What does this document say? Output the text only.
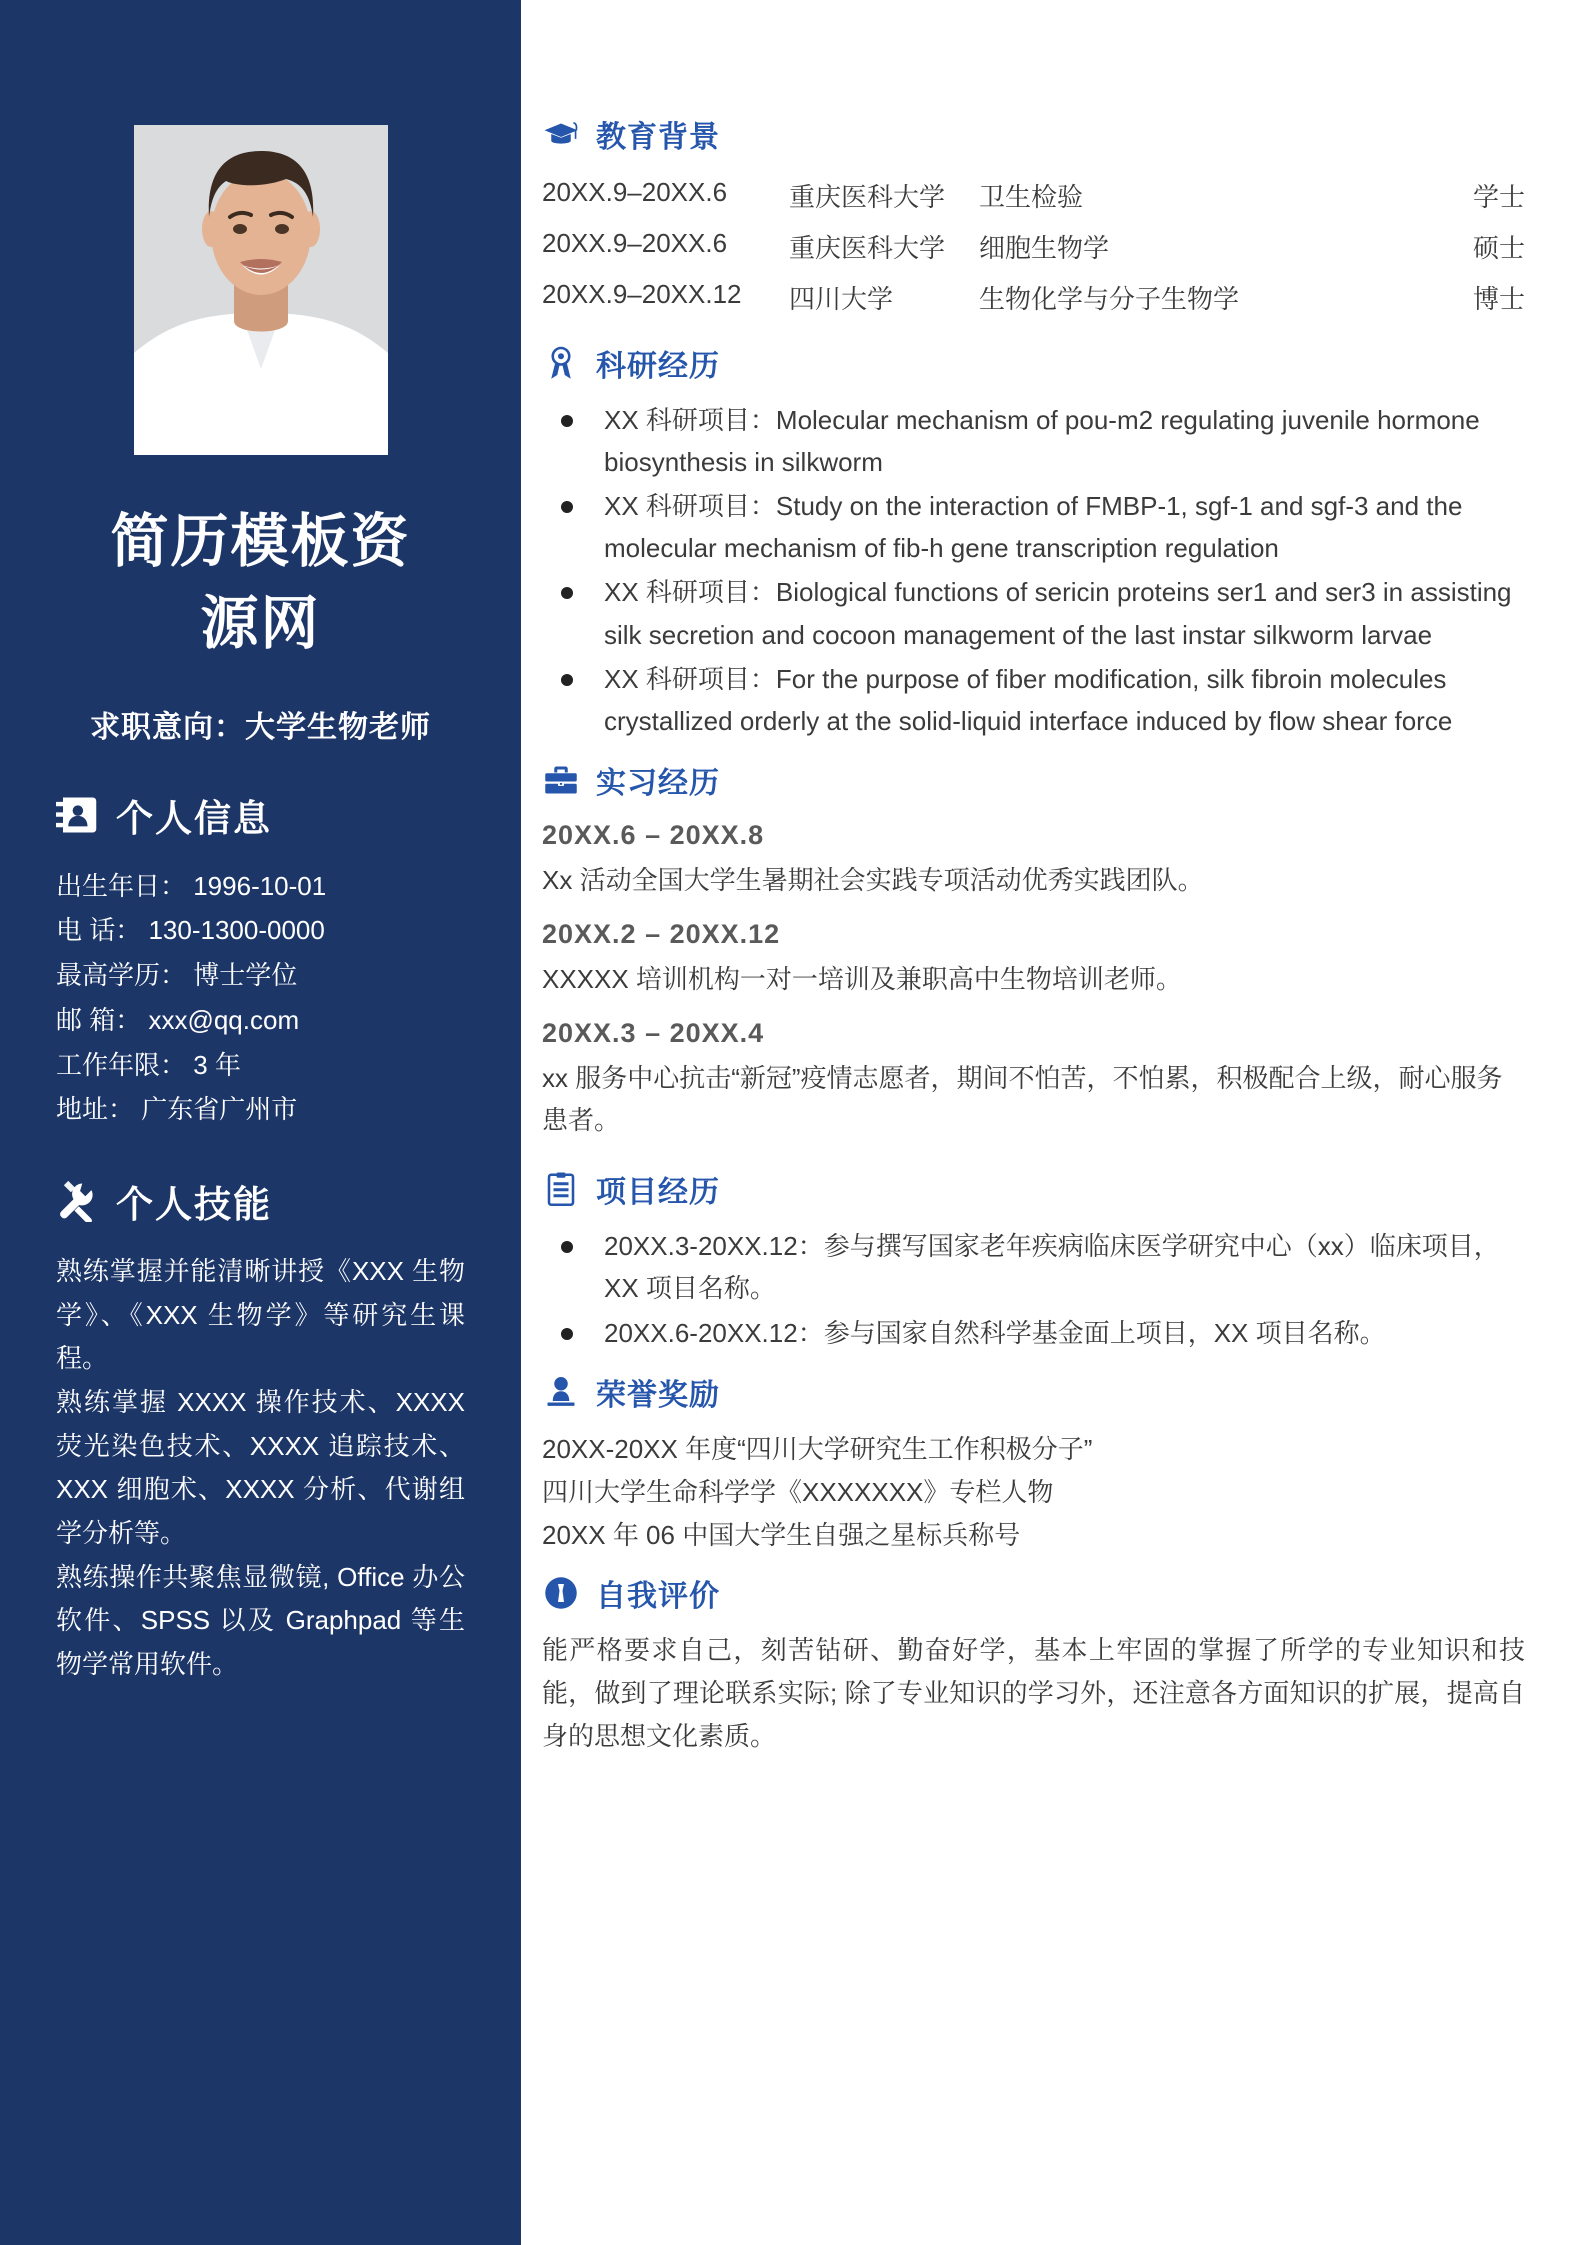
简历模板资
源网
求职意向：大学生物老师
个人信息
出生年日： 1996-10-01
电 话： 130-1300-0000
最高学历： 博士学位
邮 箱： xxx@qq.com
工作年限： 3 年
地址： 广东省广州市
个人技能

熟练掌握并能清晰讲授《XXX 生物学》、《XXX 生物学》等研究生课程。

熟练掌握 XXXX 操作技术、XXXX 荧光染色技术、XXXX 追踪技术、XXX 细胞术、XXXX 分析、代谢组学分析等。

熟练操作共聚焦显微镜, Office 办公软件、SPSS 以及 Graphpad 等生物学常用软件。

教育背景
20XX.9–20XX.6	重庆医科大学	卫生检验	学士
20XX.9–20XX.6	重庆医科大学	细胞生物学	硕士
20XX.9–20XX.12	四川大学	生物化学与分子生物学	博士
科研经历
XX 科研项目：Molecular mechanism of pou-m2 regulating juvenile hormone biosynthesis in silkworm
XX 科研项目：Study on the interaction of FMBP-1, sgf-1 and sgf-3 and the molecular mechanism of fib-h gene transcription regulation
XX 科研项目：Biological functions of sericin proteins ser1 and ser3 in assisting silk secretion and cocoon management of the last instar silkworm larvae
XX 科研项目：For the purpose of fiber modification, silk fibroin molecules crystallized orderly at the solid-liquid interface induced by flow shear force
实习经历
20XX.6 – 20XX.8
Xx 活动全国大学生暑期社会实践专项活动优秀实践团队。
20XX.2 – 20XX.12
XXXXX 培训机构一对一培训及兼职高中生物培训老师。
20XX.3 – 20XX.4
xx 服务中心抗击“新冠”疫情志愿者，期间不怕苦，不怕累，积极配合上级，耐心服务患者。
项目经历
20XX.3-20XX.12：参与撰写国家老年疾病临床医学研究中心（xx）临床项目，XX 项目名称。
20XX.6-20XX.12：参与国家自然科学基金面上项目，XX 项目名称。
荣誉奖励
20XX-20XX 年度“四川大学研究生工作积极分子”
四川大学生命科学学《XXXXXXX》专栏人物
20XX 年 06 中国大学生自强之星标兵称号
自我评价

能严格要求自己，刻苦钻研、勤奋好学，基本上牢固的掌握了所学的专业知识和技能，做到了理论联系实际; 除了专业知识的学习外，还注意各方面知识的扩展，提高自身的思想文化素质。
